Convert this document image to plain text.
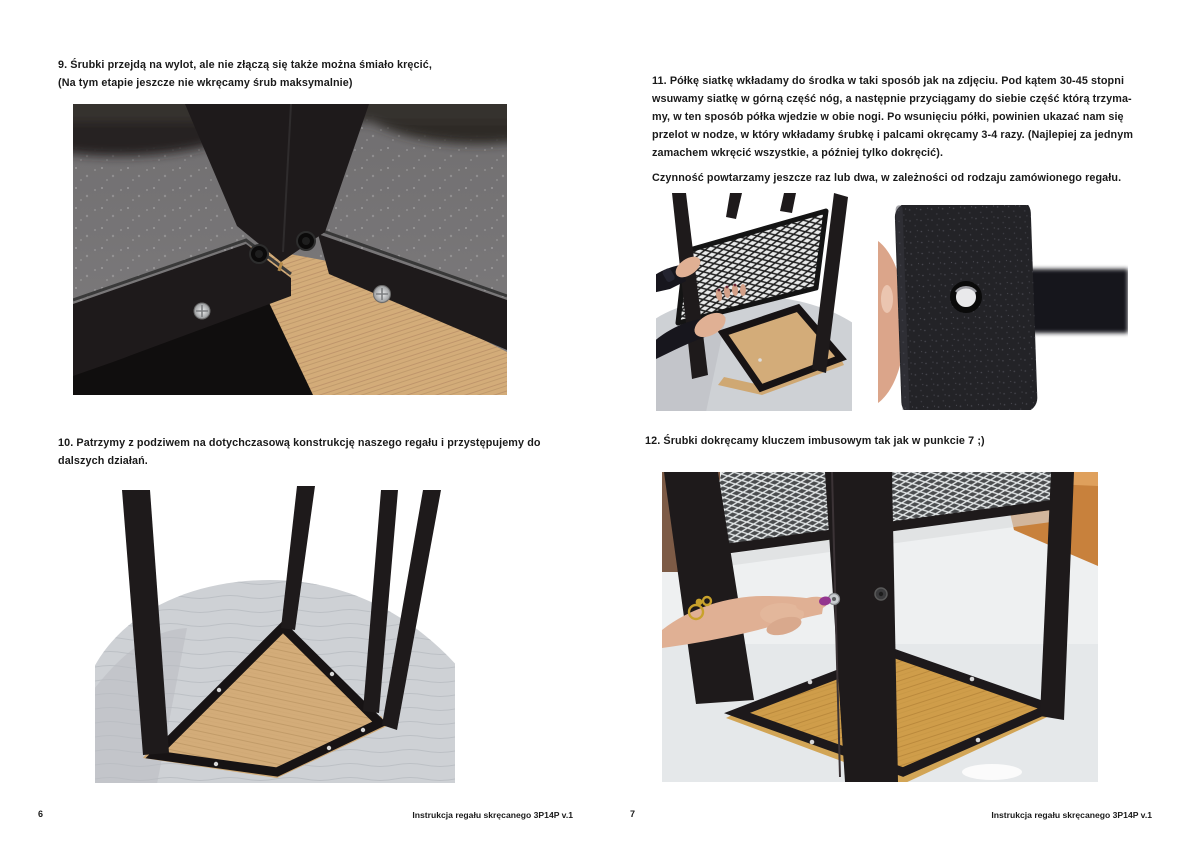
9. Śrubki przejdą na wylot, ale nie złączą się także można śmiało kręcić,
(Na tym etapie jeszcze nie wkręcamy śrub maksymalnie)
10. Patrzymy z podziwem na dotychczasową konstrukcję naszego regału i przystępujemy do
dalszych działań.
11. Półkę siatkę wkładamy do środka w taki sposób jak na zdjęciu. Pod kątem 30-45 stopni
wsuwamy siatkę w górną część nóg, a następnie przyciągamy do siebie część którą trzyma-
my, w ten sposób półka wjedzie w obie nogi. Po wsunięciu półki, powinien ukazać nam się
przelot w nodze, w który wkładamy śrubkę i palcami okręcamy 3-4 razy. (Najlepiej za jednym
zamachem wkręcić wszystkie, a później tylko dokręcić).
Czynność powtarzamy jeszcze raz lub dwa, w zależności od rodzaju zamówionego regału.
12. Śrubki dokręcamy kluczem imbusowym tak jak w punkcie 7 ;)
6	Instrukcja regału skręcanego 3P14P v.1	7	Instrukcja regału skręcanego 3P14P v.1
